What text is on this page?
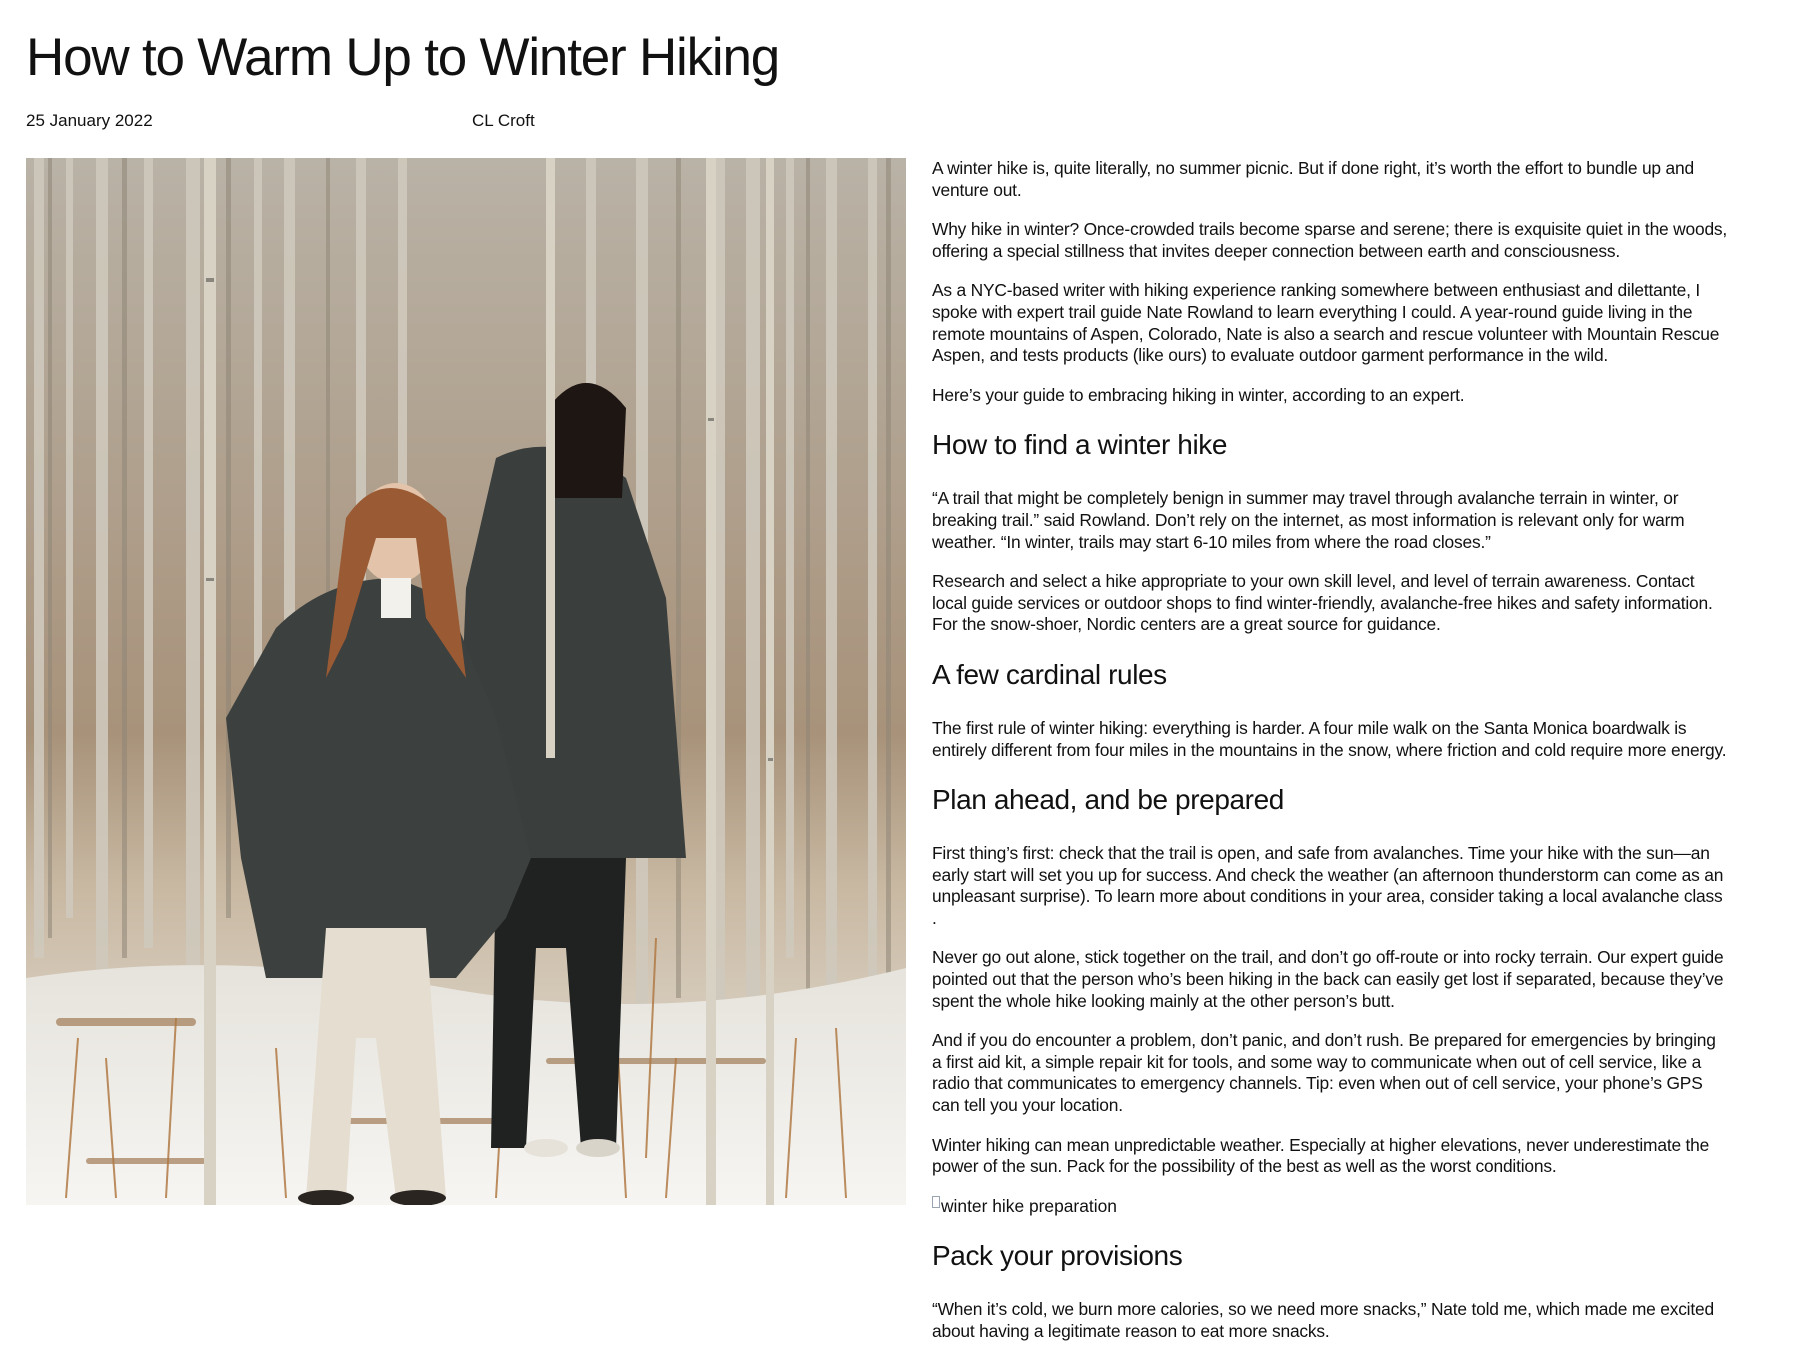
How to Warm Up to Winter Hiking
25 January 2022	CL Croft

A winter hike is, quite literally, no summer picnic. But if done right, it’s worth the effort to bundle up and venture out.

Why hike in winter? Once-crowded trails become sparse and serene; there is exquisite quiet in the woods, offering a special stillness that invites deeper connection between earth and consciousness.

As a NYC-based writer with hiking experience ranking somewhere between enthusiast and dilettante, I spoke with expert trail guide Nate Rowland to learn everything I could. A year-round guide living in the remote mountains of Aspen, Colorado, Nate is also a search and rescue volunteer with Mountain Rescue Aspen, and tests products (like ours) to evaluate outdoor garment performance in the wild.

Here’s your guide to embracing hiking in winter, according to an expert.

How to find a winter hike

“A trail that might be completely benign in summer may travel through avalanche terrain in winter, or breaking trail.” said Rowland. Don’t rely on the internet, as most information is relevant only for warm weather. “In winter, trails may start 6-10 miles from where the road closes.”

Research and select a hike appropriate to your own skill level, and level of terrain awareness. Contact local guide services or outdoor shops to find winter-friendly, avalanche-free hikes and safety information. For the snow-shoer, Nordic centers are a great source for guidance.

A few cardinal rules

The first rule of winter hiking: everything is harder. A four mile walk on the Santa Monica boardwalk is entirely different from four miles in the mountains in the snow, where friction and cold require more energy.

Plan ahead, and be prepared

First thing’s first: check that the trail is open, and safe from avalanches. Time your hike with the sun—an early start will set you up for success. And check the weather (an afternoon thunderstorm can come as an unpleasant surprise). To learn more about conditions in your area, consider taking a local avalanche class .

Never go out alone, stick together on the trail, and don’t go off-route or into rocky terrain. Our expert guide pointed out that the person who’s been hiking in the back can easily get lost if separated, because they’ve spent the whole hike looking mainly at the other person’s butt.

And if you do encounter a problem, don’t panic, and don’t rush. Be prepared for emergencies by bringing a first aid kit, a simple repair kit for tools, and some way to communicate when out of cell service, like a radio that communicates to emergency channels. Tip: even when out of cell service, your phone’s GPS can tell you your location.

Winter hiking can mean unpredictable weather. Especially at higher elevations, never underestimate the power of the sun. Pack for the possibility of the best as well as the worst conditions.

winter hike preparation
Pack your provisions

“When it’s cold, we burn more calories, so we need more snacks,” Nate told me, which made me excited about having a legitimate reason to eat more snacks.
